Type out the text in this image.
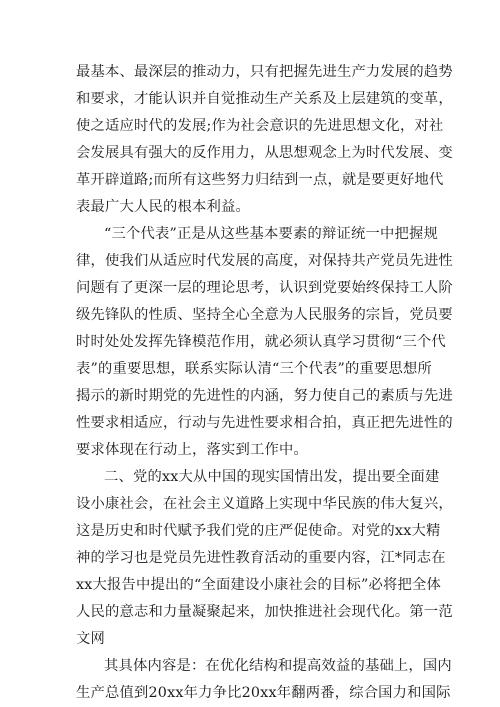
最基本、最深层的推动力，只有把握先进生产力发展的趋势
和要求，才能认识并自觉推动生产关系及上层建筑的变革，
使之适应时代的发展;作为社会意识的先进思想文化，对社
会发展具有强大的反作用力，从思想观念上为时代发展、变
革开辟道路;而所有这些努力归结到一点，就是要更好地代
表最广大人民的根本利益。
“三个代表”正是从这些基本要素的辩证统一中把握规
律，使我们从适应时代发展的高度，对保持共产党员先进性
问题有了更深一层的理论思考，认识到党要始终保持工人阶
级先锋队的性质、坚持全心全意为人民服务的宗旨，党员要
时时处处发挥先锋模范作用，就必须认真学习贯彻“三个代
表”的重要思想，联系实际认清“三个代表”的重要思想所
揭示的新时期党的先进性的内涵，努力使自己的素质与先进
性要求相适应，行动与先进性要求相合拍，真正把先进性的
要求体现在行动上，落实到工作中。
二、党的xx大从中国的现实国情出发，提出要全面建
设小康社会，在社会主义道路上实现中华民族的伟大复兴，
这是历史和时代赋予我们党的庄严促使命。对党的xx大精
神的学习也是党员先进性教育活动的重要内容，江*同志在
xx大报告中提出的“全面建设小康社会的目标”必将把全体
人民的意志和力量凝聚起来，加快推进社会现代化。第一范
文网
其具体内容是：在优化结构和提高效益的基础上，国内
生产总值到20xx年力争比20xx年翻两番，综合国力和国际
